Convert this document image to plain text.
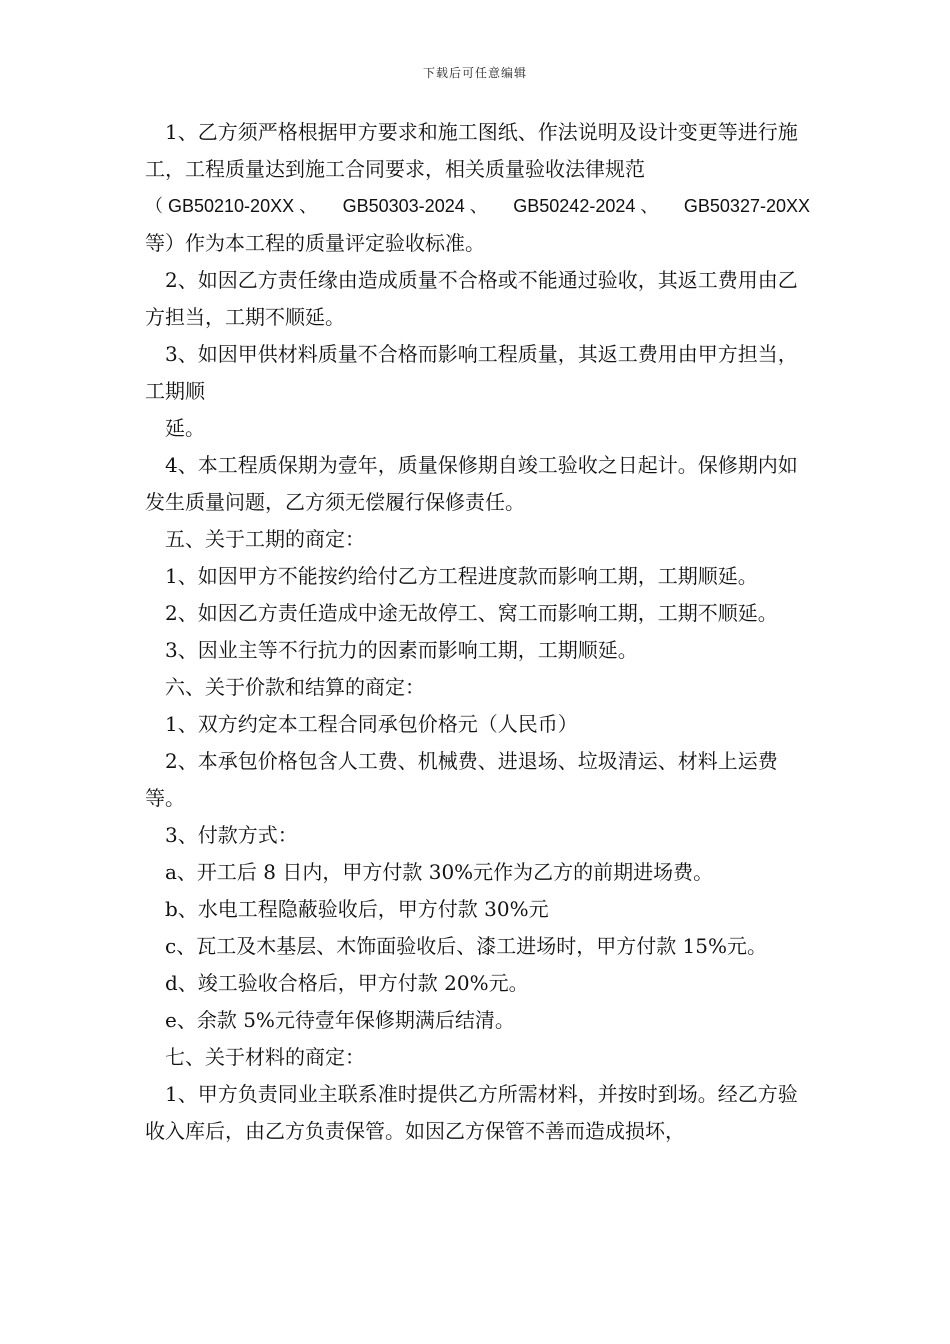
下载后可任意编辑

1、乙方须严格根据甲方要求和施工图纸、作法说明及设计变更等进行施工，工程质量达到施工合同要求，相关质量验收法律规范

（ GB50210-20XX 、 GB50303-2024 、 GB50242-2024 、 GB50327-20XX

等）作为本工程的质量评定验收标准。

2、如因乙方责任缘由造成质量不合格或不能通过验收，其返工费用由乙方担当，工期不顺延。

3、如因甲供材料质量不合格而影响工程质量，其返工费用由甲方担当，工期顺

延。

4、本工程质保期为壹年，质量保修期自竣工验收之日起计。保修期内如发生质量问题，乙方须无偿履行保修责任。

五、关于工期的商定：

1、如因甲方不能按约给付乙方工程进度款而影响工期，工期顺延。

2、如因乙方责任造成中途无故停工、窝工而影响工期，工期不顺延。

3、因业主等不行抗力的因素而影响工期，工期顺延。

六、关于价款和结算的商定：

1、双方约定本工程合同承包价格元（人民币）

2、本承包价格包含人工费、机械费、进退场、垃圾清运、材料上运费等。

3、付款方式：

a、开工后 8 日内，甲方付款 30%元作为乙方的前期进场费。

b、水电工程隐蔽验收后，甲方付款 30%元

c、瓦工及木基层、木饰面验收后、漆工进场时，甲方付款 15%元。

d、竣工验收合格后，甲方付款 20%元。

e、余款 5%元待壹年保修期满后结清。

七、关于材料的商定：

1、甲方负责同业主联系准时提供乙方所需材料，并按时到场。经乙方验收入库后，由乙方负责保管。如因乙方保管不善而造成损坏，
